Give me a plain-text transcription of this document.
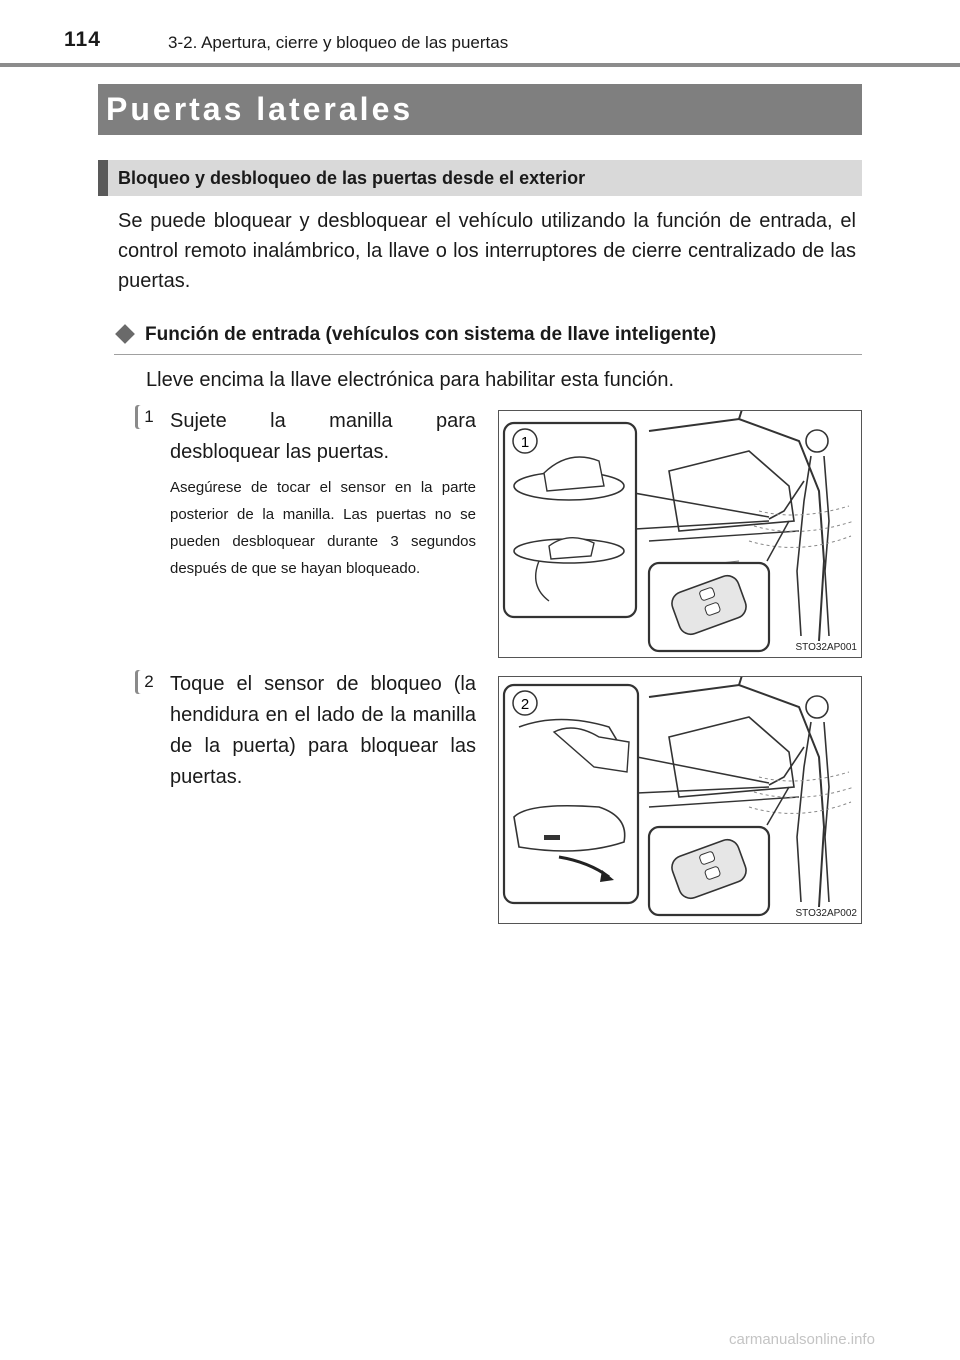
114	3-2. Apertura, cierre y bloqueo de las puertas
Puertas laterales
Bloqueo y desbloqueo de las puertas desde el exterior
Se puede bloquear y desbloquear el vehículo utilizando la función de entrada, el control remoto inalámbrico, la llave o los interruptores de cierre centralizado de las puertas.
Función de entrada (vehículos con sistema de llave inteligente)
Lleve encima la llave electrónica para habilitar esta función.
1 Sujete la manilla para desbloquear las puertas.
Asegúrese de tocar el sensor en la parte posterior de la manilla. Las puertas no se pueden desbloquear durante 3 segundos después de que se hayan bloqueado.
1
STO32AP001
2 Toque el sensor de bloqueo (la hendidura en el lado de la manilla de la puerta) para bloquear las puertas.
2
STO32AP002
carmanualsonline.info
